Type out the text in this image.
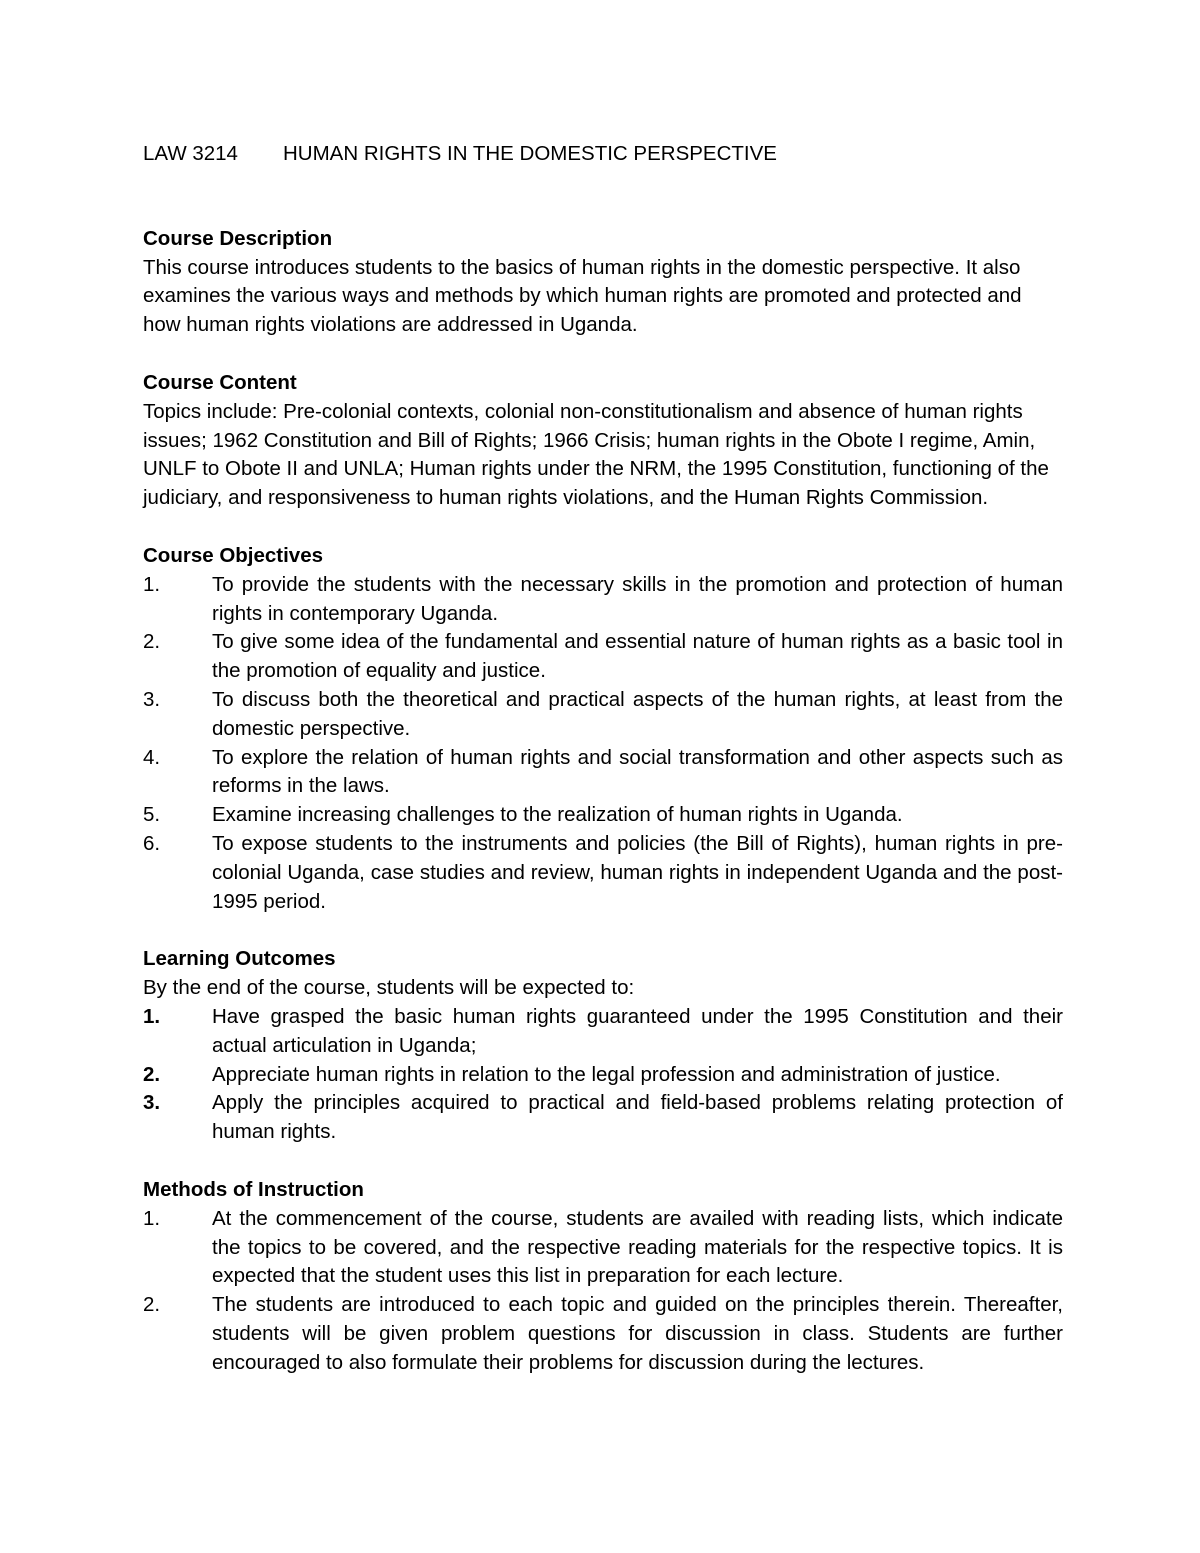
LAW 3214	HUMAN RIGHTS IN THE DOMESTIC PERSPECTIVE
Course Description

This course introduces students to the basics of human rights in the domestic perspective. It also examines the various ways and methods by which human rights are promoted and protected and how human rights violations are addressed in Uganda.

Course Content

Topics include: Pre-colonial contexts, colonial non-constitutionalism and absence of human rights issues; 1962 Constitution and Bill of Rights; 1966 Crisis; human rights in the Obote I regime, Amin, UNLF to Obote II and UNLA; Human rights under the NRM, the 1995 Constitution, functioning of the judiciary, and responsiveness to human rights violations, and the Human Rights Commission.

Course Objectives
1.	To provide the students with the necessary skills in the promotion and protection of human rights in contemporary Uganda.
2.	To give some idea of the fundamental and essential nature of human rights as a basic tool in the promotion of equality and justice.
3.	To discuss both the theoretical and practical aspects of the human rights, at least from the domestic perspective.
4.	To explore the relation of human rights and social transformation and other aspects such as reforms in the laws.
5.	Examine increasing challenges to the realization of human rights in Uganda.
6.	To expose students to the instruments and policies (the Bill of Rights), human rights in pre-colonial Uganda, case studies and review, human rights in independent Uganda and the post-1995 period.
Learning Outcomes

By the end of the course, students will be expected to:

1.	Have grasped the basic human rights guaranteed under the 1995 Constitution and their actual articulation in Uganda;
2.	Appreciate human rights in relation to the legal profession and administration of justice.
3.	Apply the principles acquired to practical and field-based problems relating protection of human rights.
Methods of Instruction
1.	At the commencement of the course, students are availed with reading lists, which indicate the topics to be covered, and the respective reading materials for the respective topics. It is expected that the student uses this list in preparation for each lecture.
2.	The students are introduced to each topic and guided on the principles therein. Thereafter, students will be given problem questions for discussion in class. Students are further encouraged to also formulate their problems for discussion during the lectures.
